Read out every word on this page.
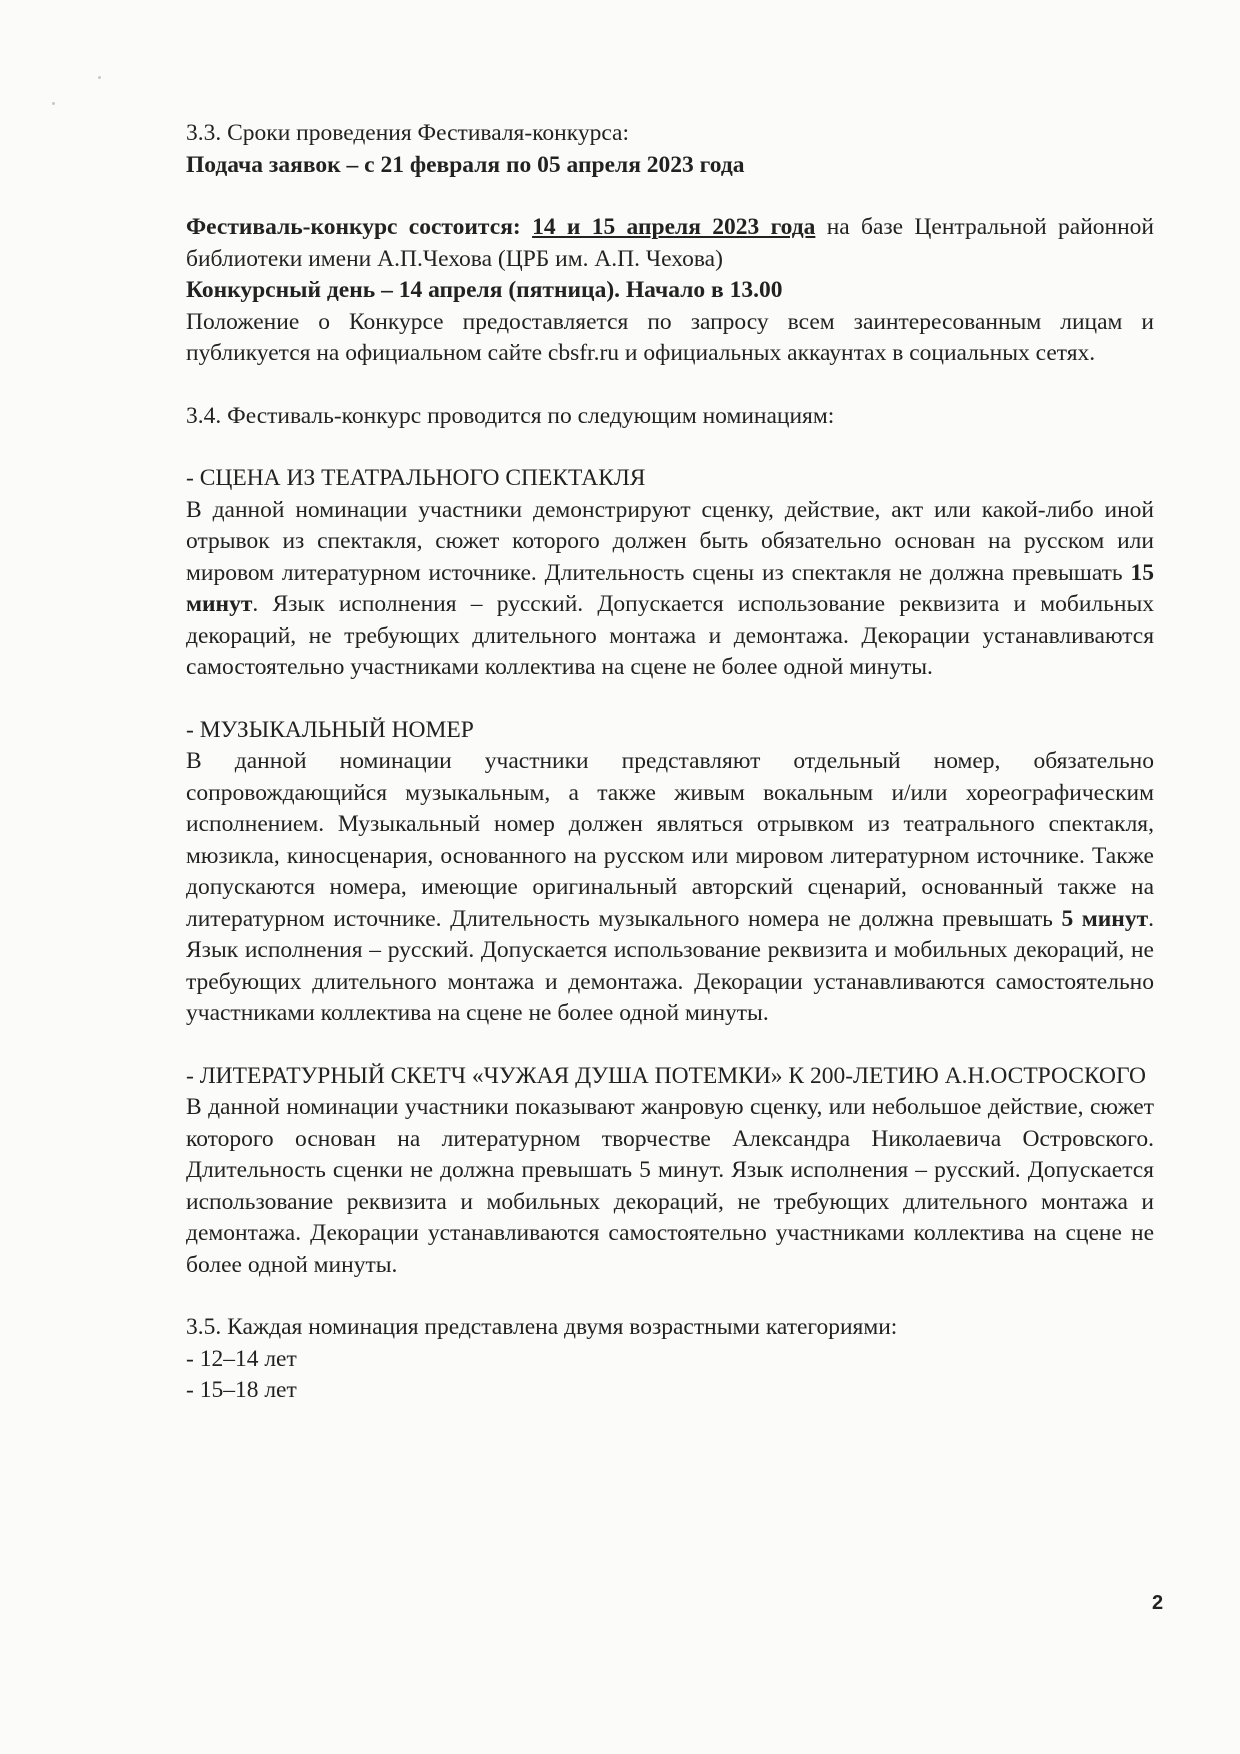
3.3. Сроки проведения Фестиваля-конкурса:

Подача заявок – с 21 февраля по 05 апреля 2023 года

Фестиваль-конкурс состоится: 14 и 15 апреля 2023 года на базе Центральной районной библиотеки имени А.П.Чехова (ЦРБ им. А.П. Чехова)

Конкурсный день – 14 апреля (пятница). Начало в 13.00

Положение о Конкурсе предоставляется по запросу всем заинтересованным лицам и публикуется на официальном сайте cbsfr.ru и официальных аккаунтах в социальных сетях.

3.4. Фестиваль-конкурс проводится по следующим номинациям:

- СЦЕНА ИЗ ТЕАТРАЛЬНОГО СПЕКТАКЛЯ

В данной номинации участники демонстрируют сценку, действие, акт или какой-либо иной отрывок из спектакля, сюжет которого должен быть обязательно основан на русском или мировом литературном источнике. Длительность сцены из спектакля не должна превышать 15 минут. Язык исполнения – русский. Допускается использование реквизита и мобильных декораций, не требующих длительного монтажа и демонтажа. Декорации устанавливаются самостоятельно участниками коллектива на сцене не более одной минуты.

- МУЗЫКАЛЬНЫЙ НОМЕР

В данной номинации участники представляют отдельный номер, обязательно сопровождающийся музыкальным, а также живым вокальным и/или хореографическим исполнением. Музыкальный номер должен являться отрывком из театрального спектакля, мюзикла, киносценария, основанного на русском или мировом литературном источнике. Также допускаются номера, имеющие оригинальный авторский сценарий, основанный также на литературном источнике. Длительность музыкального номера не должна превышать 5 минут. Язык исполнения – русский. Допускается использование реквизита и мобильных декораций, не требующих длительного монтажа и демонтажа. Декорации устанавливаются самостоятельно участниками коллектива на сцене не более одной минуты.

- ЛИТЕРАТУРНЫЙ СКЕТЧ «ЧУЖАЯ ДУША ПОТЕМКИ» К 200-ЛЕТИЮ А.Н.ОСТРОСКОГО

В данной номинации участники показывают жанровую сценку, или небольшое действие, сюжет которого основан на литературном творчестве Александра Николаевича Островского. Длительность сценки не должна превышать 5 минут. Язык исполнения – русский. Допускается использование реквизита и мобильных декораций, не требующих длительного монтажа и демонтажа. Декорации устанавливаются самостоятельно участниками коллектива на сцене не более одной минуты.

3.5. Каждая номинация представлена двумя возрастными категориями:

- 12–14 лет

- 15–18 лет

2
